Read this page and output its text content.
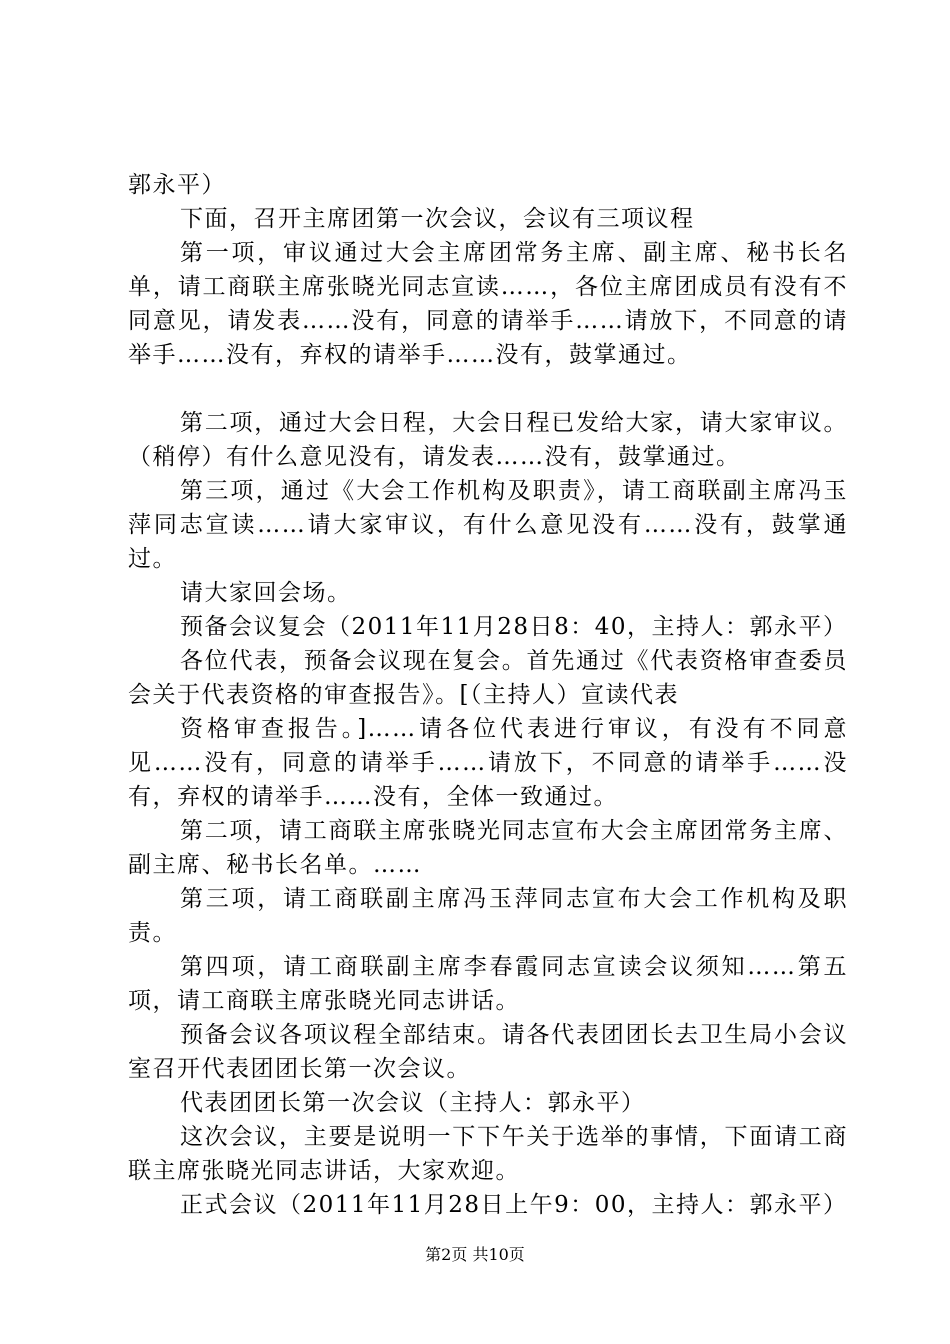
郭永平）

下面，召开主席团第一次会议，会议有三项议程

第一项，审议通过大会主席团常务主席、副主席、秘书长名单，请工商联主席张晓光同志宣读……，各位主席团成员有没有不同意见，请发表……没有，同意的请举手……请放下，不同意的请举手……没有，弃权的请举手……没有，鼓掌通过。

第二项，通过大会日程，大会日程已发给大家，请大家审议。（稍停）有什么意见没有，请发表……没有，鼓掌通过。

第三项，通过《大会工作机构及职责》，请工商联副主席冯玉萍同志宣读……请大家审议，有什么意见没有……没有，鼓掌通过。

请大家回会场。

预备会议复会（2011年11月28日8：40，主持人：郭永平）

各位代表，预备会议现在复会。首先通过《代表资格审查委员会关于代表资格的审查报告》。[（主持人）宣读代表

资格审查报告。]……请各位代表进行审议，有没有不同意见……没有，同意的请举手……请放下，不同意的请举手……没有，弃权的请举手……没有，全体一致通过。

第二项，请工商联主席张晓光同志宣布大会主席团常务主席、副主席、秘书长名单。……

第三项，请工商联副主席冯玉萍同志宣布大会工作机构及职责。

第四项，请工商联副主席李春霞同志宣读会议须知……第五项，请工商联主席张晓光同志讲话。

预备会议各项议程全部结束。请各代表团团长去卫生局小会议室召开代表团团长第一次会议。

代表团团长第一次会议（主持人：郭永平）

这次会议，主要是说明一下下午关于选举的事情，下面请工商联主席张晓光同志讲话，大家欢迎。

正式会议（2011年11月28日上午9：00，主持人：郭永平）

第2页 共10页
